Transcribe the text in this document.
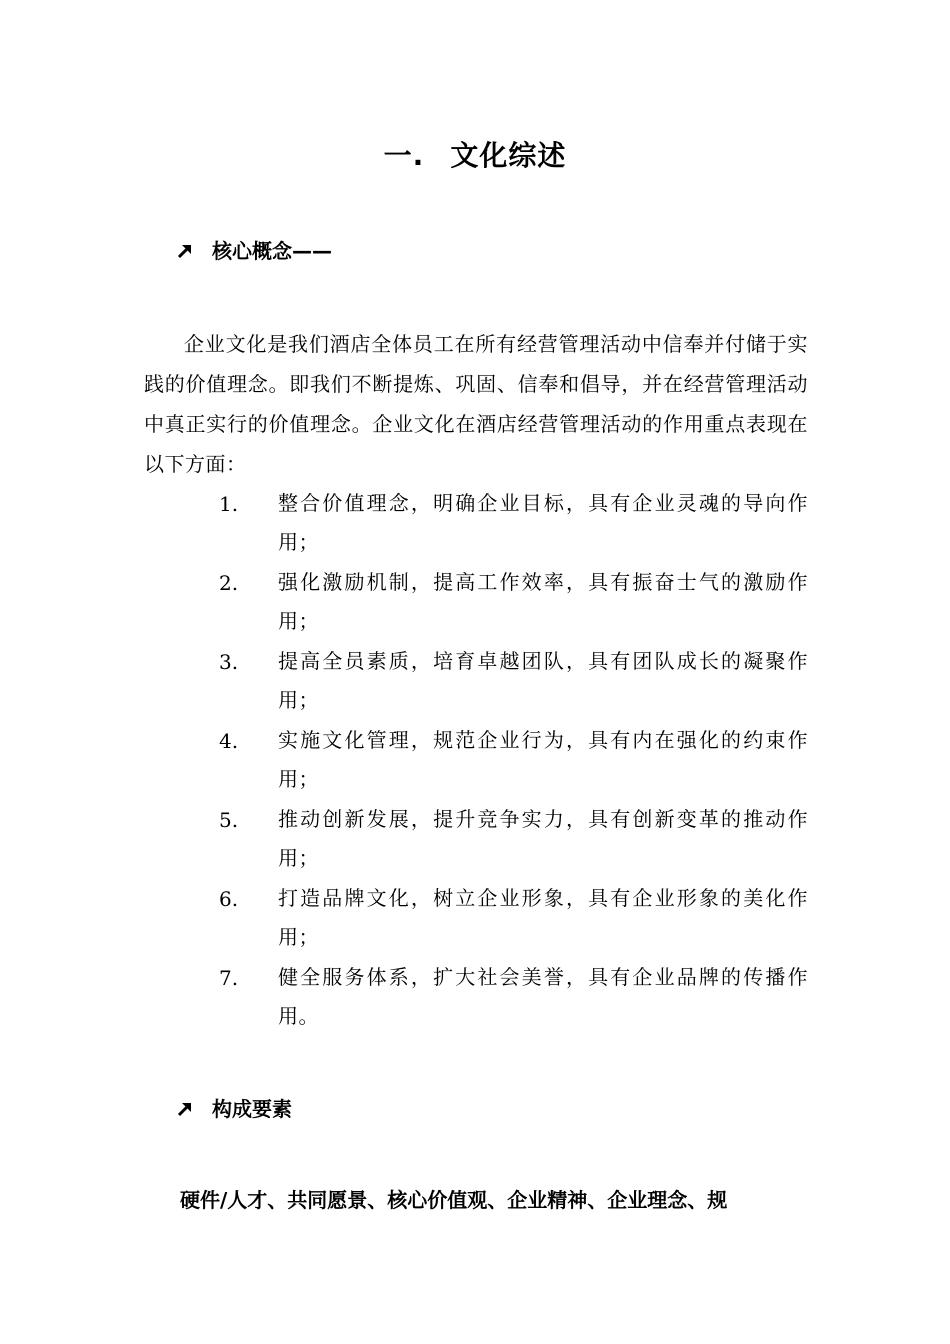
一. 文化综述
核心概念——
企业文化是我们酒店全体员工在所有经营管理活动中信奉并付储于实践的价值理念。即我们不断提炼、巩固、信奉和倡导，并在经营管理活动中真正实行的价值理念。企业文化在酒店经营管理活动的作用重点表现在以下方面：
1.	整合价值理念，明确企业目标，具有企业灵魂的导向作用；
2.	强化激励机制，提高工作效率，具有振奋士气的激励作用；
3.	提高全员素质，培育卓越团队，具有团队成长的凝聚作用；
4.	实施文化管理，规范企业行为，具有内在强化的约束作用；
5.	推动创新发展，提升竞争实力，具有创新变革的推动作用；
6.	打造品牌文化，树立企业形象，具有企业形象的美化作用；
7.	健全服务体系，扩大社会美誉，具有企业品牌的传播作用。
构成要素
硬件/人才、共同愿景、核心价值观、企业精神、企业理念、规
